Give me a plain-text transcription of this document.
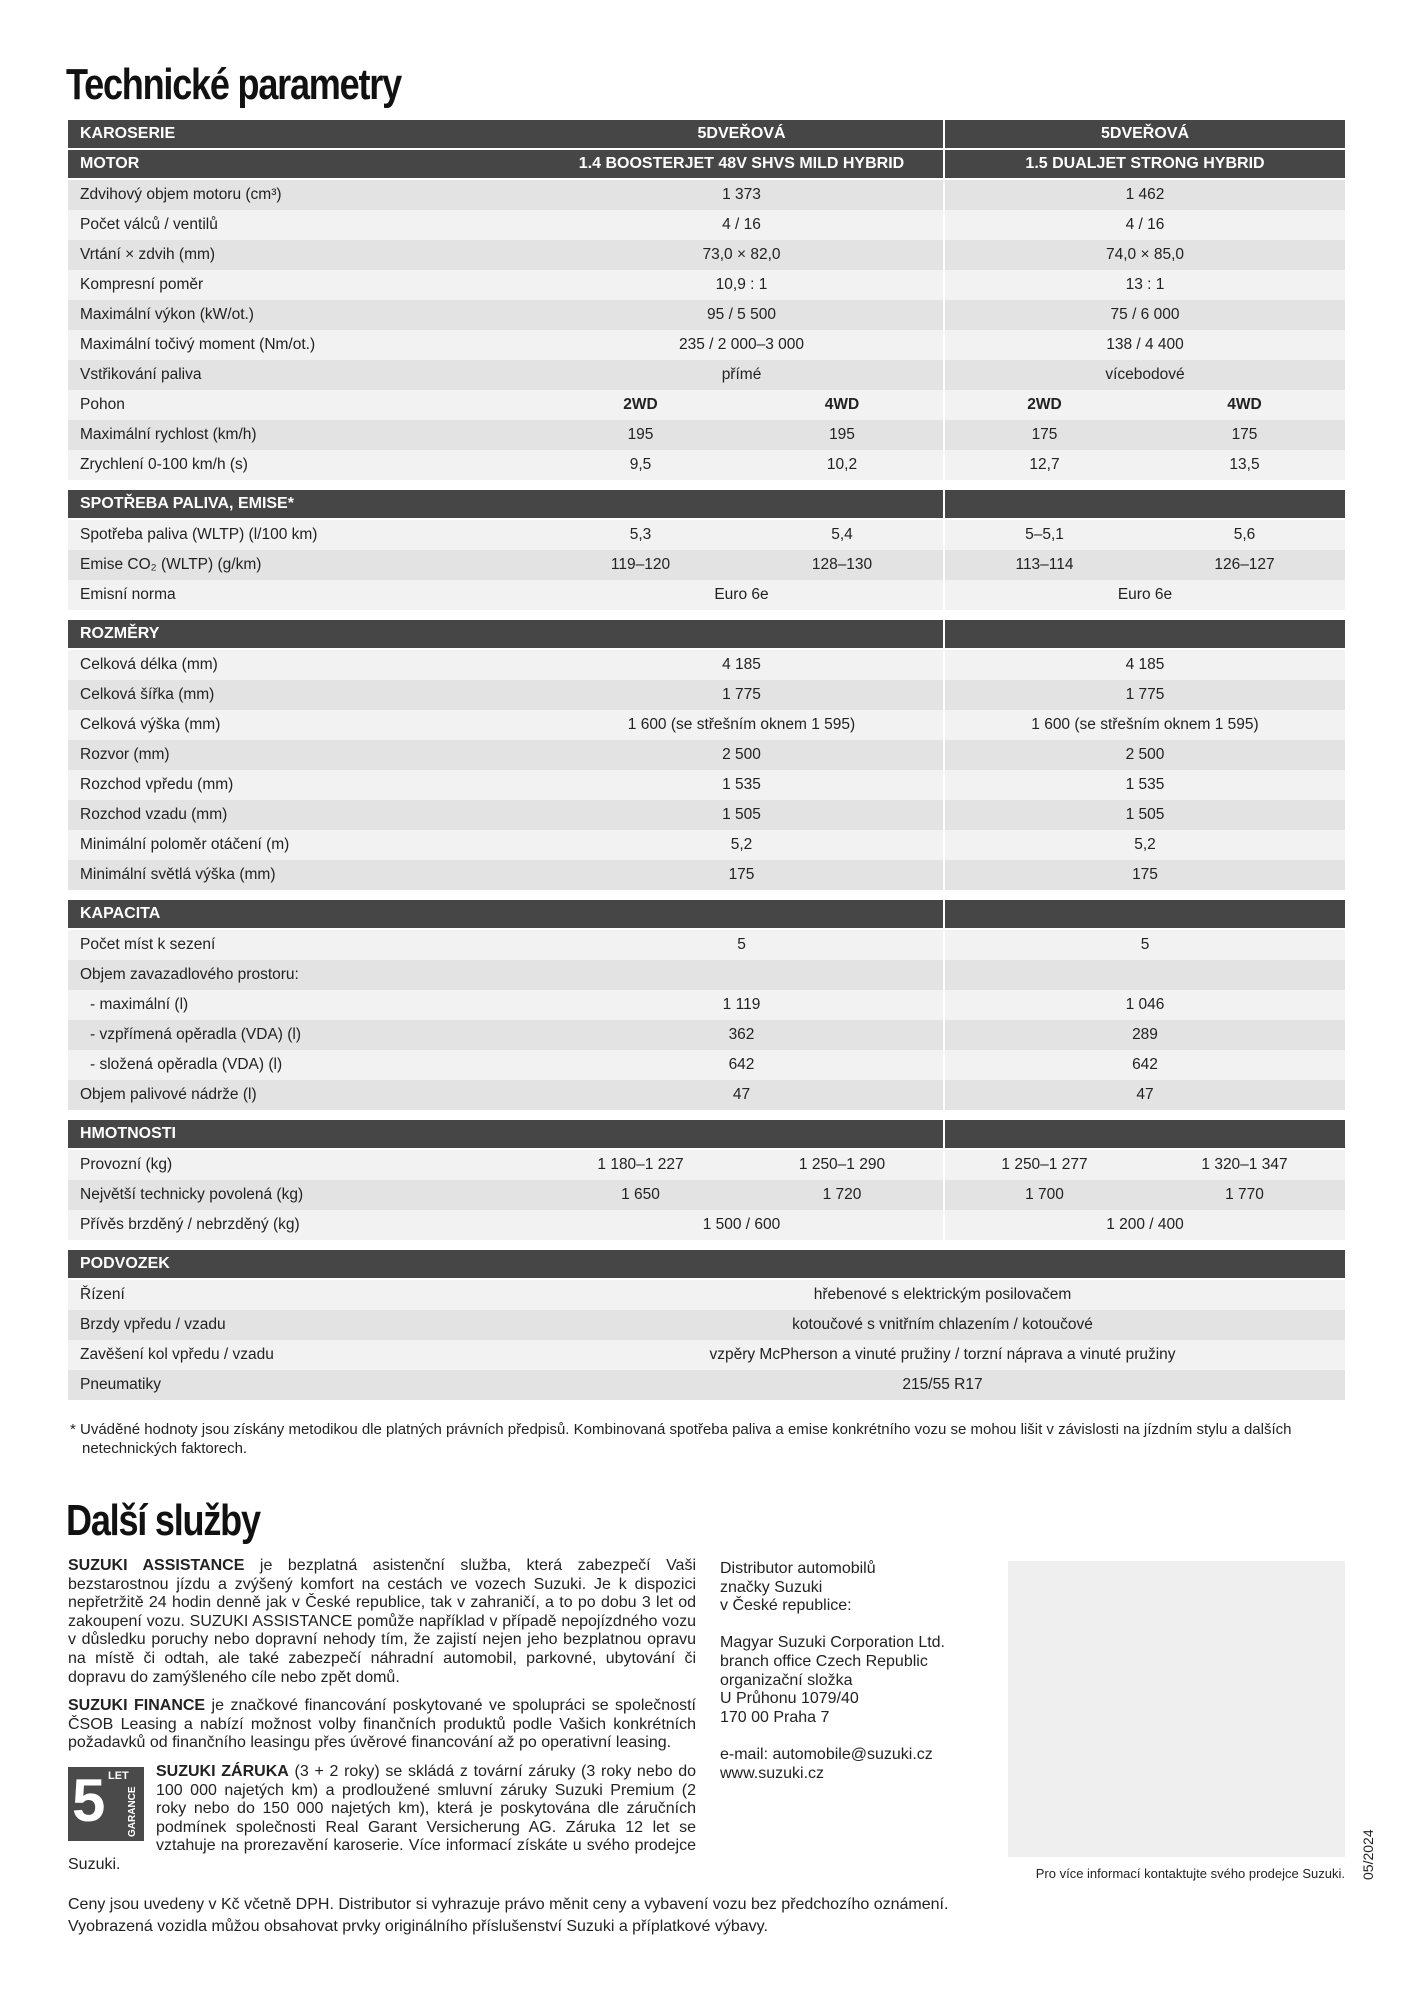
Technické parametry
KAROSERIE	5DVEŘOVÁ	5DVEŘOVÁ
MOTOR	1.4 BOOSTERJET 48V SHVS MILD HYBRID	1.5 DUALJET STRONG HYBRID
Zdvihový objem motoru (cm³)	1 373	1 462
Počet válců / ventilů	4 / 16	4 / 16
Vrtání × zdvih (mm)	73,0 × 82,0	74,0 × 85,0
Kompresní poměr	10,9 : 1	13 : 1
Maximální výkon (kW/ot.)	95 / 5 500	75 / 6 000
Maximální točivý moment (Nm/ot.)	235 / 2 000–3 000	138 / 4 400
Vstřikování paliva	přímé	vícebodové
Pohon	2WD	4WD	2WD	4WD
Maximální rychlost (km/h)	195	195	175	175
Zrychlení 0-100 km/h (s)	9,5	10,2	12,7	13,5
SPOTŘEBA PALIVA, EMISE*
Spotřeba paliva (WLTP) (l/100 km)	5,3	5,4	5–5,1	5,6
Emise CO₂ (WLTP) (g/km)	119–120	128–130	113–114	126–127
Emisní norma	Euro 6e	Euro 6e
ROZMĚRY
Celková délka (mm)	4 185	4 185
Celková šířka (mm)	1 775	1 775
Celková výška (mm)	1 600 (se střešním oknem 1 595)	1 600 (se střešním oknem 1 595)
Rozvor (mm)	2 500	2 500
Rozchod vpředu (mm)	1 535	1 535
Rozchod vzadu (mm)	1 505	1 505
Minimální poloměr otáčení (m)	5,2	5,2
Minimální světlá výška (mm)	175	175
KAPACITA
Počet míst k sezení	5	5
Objem zavazadlového prostoru:
- maximální (l)	1 119	1 046
- vzpřímená opěradla (VDA) (l)	362	289
- složená opěradla (VDA) (l)	642	642
Objem palivové nádrže (l)	47	47
HMOTNOSTI
Provozní (kg)	1 180–1 227	1 250–1 290	1 250–1 277	1 320–1 347
Největší technicky povolená (kg)	1 650	1 720	1 700	1 770
Přívěs brzděný / nebrzděný (kg)	1 500 / 600	1 200 / 400
PODVOZEK
Řízení	hřebenové s elektrickým posilovačem
Brzdy vpředu / vzadu	kotoučové s vnitřním chlazením / kotoučové
Zavěšení kol vpředu / vzadu	vzpěry McPherson a vinuté pružiny / torzní náprava a vinuté pružiny
Pneumatiky	215/55 R17
* Uváděné hodnoty jsou získány metodikou dle platných právních předpisů. Kombinovaná spotřeba paliva a emise konkrétního vozu se mohou lišit v závislosti na jízdním stylu a dalších netechnických faktorech.
Další služby

SUZUKI ASSISTANCE je bezplatná asistenční služba, která zabezpečí Vaši bezstarostnou jízdu a zvýšený komfort na cestách ve vozech Suzuki. Je k dispozici nepřetržitě 24 hodin denně jak v České republice, tak v zahraničí, a to po dobu 3 let od zakoupení vozu. SUZUKI ASSISTANCE pomůže například v případě nepojízdného vozu v důsledku poruchy nebo dopravní nehody tím, že zajistí nejen jeho bezplatnou opravu na místě či odtah, ale také zabezpečí náhradní automobil, parkovné, ubytování či dopravu do zamýšleného cíle nebo zpět domů.

SUZUKI FINANCE je značkové financování poskytované ve spolupráci se společností ČSOB Leasing a nabízí možnost volby finančních produktů podle Vašich konkrétních požadavků od finančního leasingu přes úvěrové financování až po operativní leasing.

5 LET
GARANCE
SUZUKI ZÁRUKA (3 + 2 roky) se skládá z tovární záruky (3 roky nebo do 100 000 najetých km) a prodloužené smluvní záruky Suzuki Premium (2 roky nebo do 150 000 najetých km), která je poskytována dle záručních podmínek společnosti Real Garant Versicherung AG. Záruka 12 let se vztahuje na prorezavění karoserie. Více informací získáte u svého prodejce Suzuki.

Distributor automobilů
značky Suzuki
v České republice:
Magyar Suzuki Corporation Ltd.
branch office Czech Republic
organizační složka
U Průhonu 1079/40
170 00 Praha 7
e-mail: automobile@suzuki.cz
www.suzuki.cz
Pro více informací kontaktujte svého prodejce Suzuki. 05/2024
Ceny jsou uvedeny v Kč včetně DPH. Distributor si vyhrazuje právo měnit ceny a vybavení vozu bez předchozího oznámení.
Vyobrazená vozidla můžou obsahovat prvky originálního příslušenství Suzuki a příplatkové výbavy.
